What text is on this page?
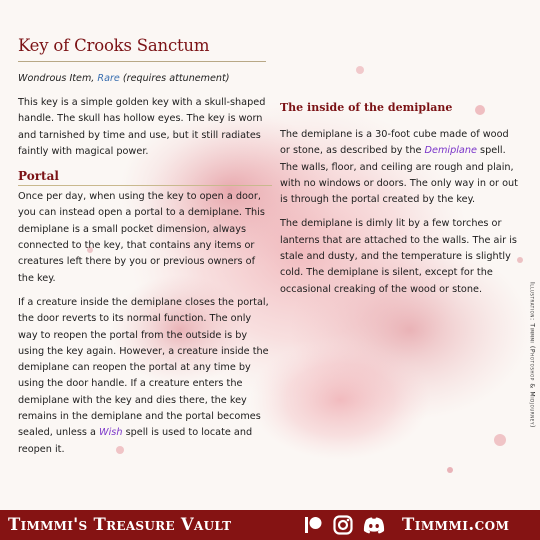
Key of Crooks Sanctum
Wondrous Item, Rare (requires attunement)

This key is a simple golden key with a skull-shaped handle. The skull has hollow eyes. The key is worn and tarnished by time and use, but it still radiates faintly with magical power.

Portal

Once per day, when using the key to open a door, you can instead open a portal to a demiplane. This demiplane is a small pocket dimension, always connected to the key, that contains any items or creatures left there by you or previous owners of the key.

If a creature inside the demiplane closes the portal, the door reverts to its normal function. The only way to reopen the portal from the outside is by using the key again. However, a creature inside the demiplane can reopen the portal at any time by using the door handle. If a creature enters the demiplane with the key and dies there, the key remains in the demiplane and the portal becomes sealed, unless a Wish spell is used to locate and reopen it.

The inside of the demiplane

The demiplane is a 30-foot cube made of wood or stone, as described by the Demiplane spell. The walls, floor, and ceiling are rough and plain, with no windows or doors. The only way in or out is through the portal created by the key.

The demiplane is dimly lit by a few torches or lanterns that are attached to the walls. The air is stale and dusty, and the temperature is slightly cold. The demiplane is silent, except for the occasional creaking of the wood or stone.	Illustration: Timmmi (Photoshop & Midjourney)
Timmmi's Treasure Vault	Timmmi.com
